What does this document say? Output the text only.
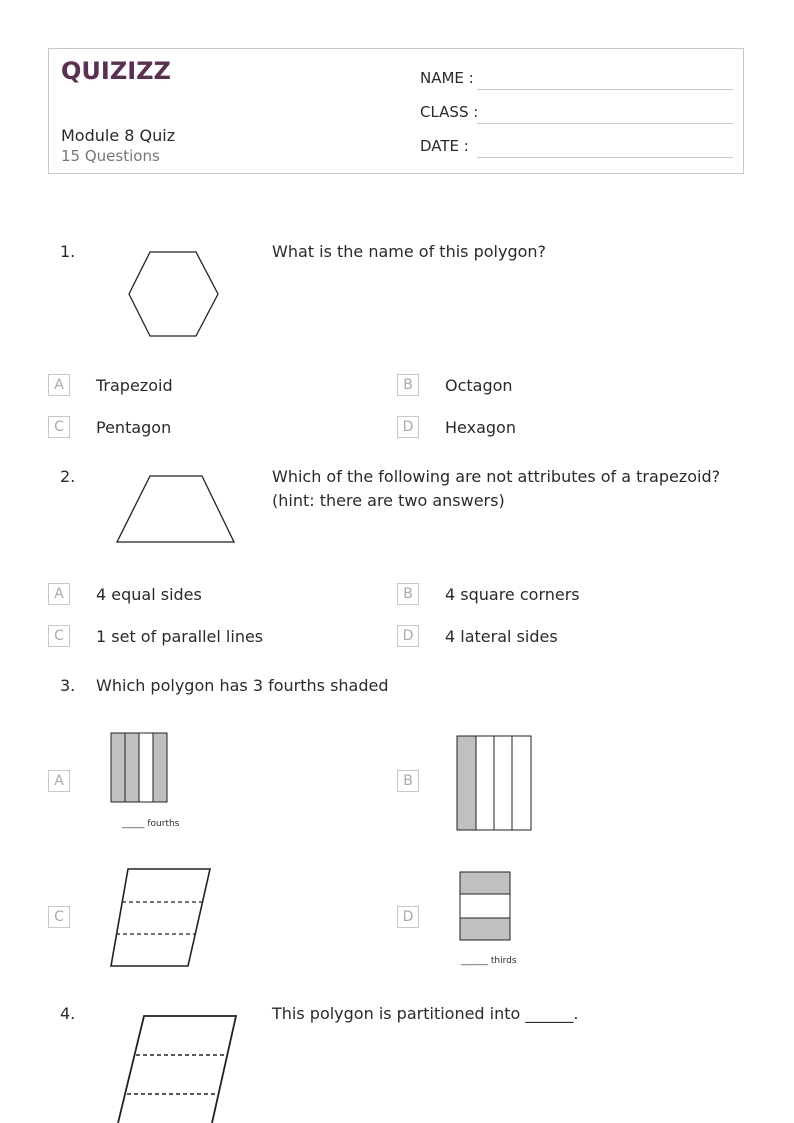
QUIZIZZ
Module 8 Quiz
15 Questions
NAME :
CLASS :
DATE :
1.	What is the name of this polygon?
A	Trapezoid	B	Octagon
C	Pentagon	D	Hexagon
2.	Which of the following are not attributes of a trapezoid? (hint: there are two answers)
A	4 equal sides	B	4 square corners
C	1 set of parallel lines	D	4 lateral sides
3. Which polygon has 3 fourths shaded
A
_____ fourths
B
C	D
______ thirds
4.	This polygon is partitioned into ______.
